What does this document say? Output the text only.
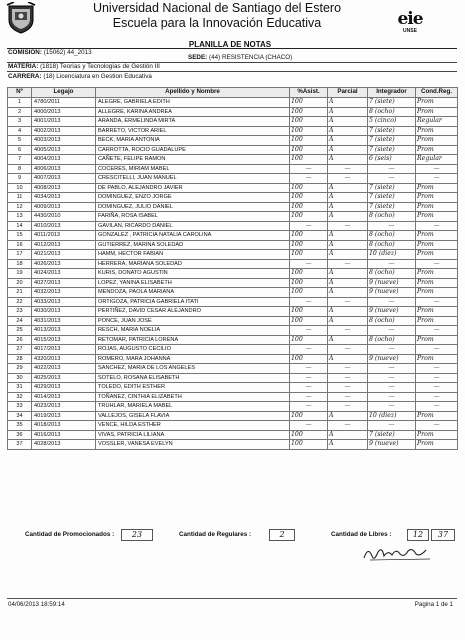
Universidad Nacional de Santiago del Estero
Escuela para la Innovación Educativa	eie
UNSE
PLANILLA DE NOTAS
COMISIÓN: (15062) 44_2013
SEDE: (44) RESISTENCIA (CHACO)
MATERIA: (1818) Teorías y Tecnologías de Gestión III
CARRERA: (18) Licenciatura en Gestion Educativa
Nº	Legajo	Apellido y Nombre	%Asist.	Parcial	Integrador	Cond.Reg.
1	4780/2011	ALEGRE, GABRIELA EDITH	100	A	7 (siete)	Prom
2	4000/2013	ALLEGRE, KARINA ANDREA	100	A	8 (ocho)	Prom
3	4001/2013	ARANDA, ERMELINDA MIRTA	100	A	5 (cinco)	Regular
4	4002/2013	BARRETO, VICTOR ARIEL	100	A	7 (siete)	Prom
5	4003/2013	BECK, MARIA ANTONIA	100	A	7 (siete)	Prom
6	4005/2013	CARROTTA, ROCIO GUADALUPE	100	A	7 (siete)	Prom
7	4004/2013	CAÑETE, FELIPE RAMON	100	A	6 (seis)	Regular
8	4006/2013	COCERES, MIRIAM MABEL	—	—	—	—
9	4007/2013	CRESCITELLI, JUAN MANUEL	—	—	—	—
10	4008/2013	DE PABLO, ALEJANDRO JAVIER	100	A	7 (siete)	Prom
11	4034/2013	DOMINGUEZ, ENZO JORGE	100	A	7 (siete)	Prom
12	4009/2013	DOMINGUEZ, JULIO DANIEL	100	A	7 (siete)	Prom
13	4430/2010	FARIÑA, ROSA ISABEL	100	A	8 (ocho)	Prom
14	4010/2013	GAVILAN, RICARDO DANIEL	—	—	—	—
15	4011/2013	GONZALEZ , PATRICIA NATALIA CAROLINA	100	A	8 (ocho)	Prom
16	4012/2013	GUTIERREZ, MARINA SOLEDAD	100	A	8 (ocho)	Prom
17	4021/2013	HAMM, HECTOR FABIAN	100	A	10 (diez)	Prom
18	4026/2013	HERRERA, MARIANA SOLEDAD	—	—	—	—
19	4024/2013	KURIS, DONATO AGUSTIN	100	A	8 (ocho)	Prom
20	4027/2013	LOPEZ, YANINA ELISABETH	100	A	9 (nueve)	Prom
21	4032/2013	MENDOZA, PAOLA MARIANA	100	A	9 (nueve)	Prom
22	4033/2013	ORTIGOZA, PATRICIA GABRIELA ITATI	—	—	—	—
23	4030/2013	PERTIÑEZ, DAVID CESAR ALEJANDRO	100	A	9 (nueve)	Prom
24	4031/2013	PONCE, JUAN JOSE	100	A	8 (ocho)	Prom
25	4013/2013	RESCH, MARIA NOELIA	—	—	—	—
26	4015/2013	RETOMAR, PATRICIA LORENA	100	A	8 (ocho)	Prom
27	4017/2013	ROJAS, AUGUSTO CECILIO	—	—	—	—
28	4320/2013	ROMERO, MARA JOHANNA	100	A	9 (nueve)	Prom
29	4022/2013	SANCHEZ, MARIA DE LOS ANGELES	—	—	—	—
30	4025/2013	SOTELO, ROSANA ELISABETH	—	—	—	—
31	4029/2013	TOLEDO, EDITH ESTHER	—	—	—	—
32	4014/2013	TOÑANEZ, CINTHIA ELIZABETH	—	—	—	—
33	4023/2013	TRUHLAR, MARIELA MABEL	—	—	—	—
34	4019/2013	VALLEJOS, GISELA FLAVIA	100	A	10 (diez)	Prom
35	4018/2013	VENCE, HILDA ESTHER	—	—	—	—
36	4016/2013	VIVAS, PATRICIA LILIANA	100	A	7 (siete)	Prom
37	4028/2013	VOSSLER, VANESA EVELYN	100	A	9 (nueve)	Prom
Cantidad de Promocionados :	23	Cantidad de Regulares :	2	Cantidad de Libres :	12	37
04/06/2013 18:59:14	Pagina 1 de 1
